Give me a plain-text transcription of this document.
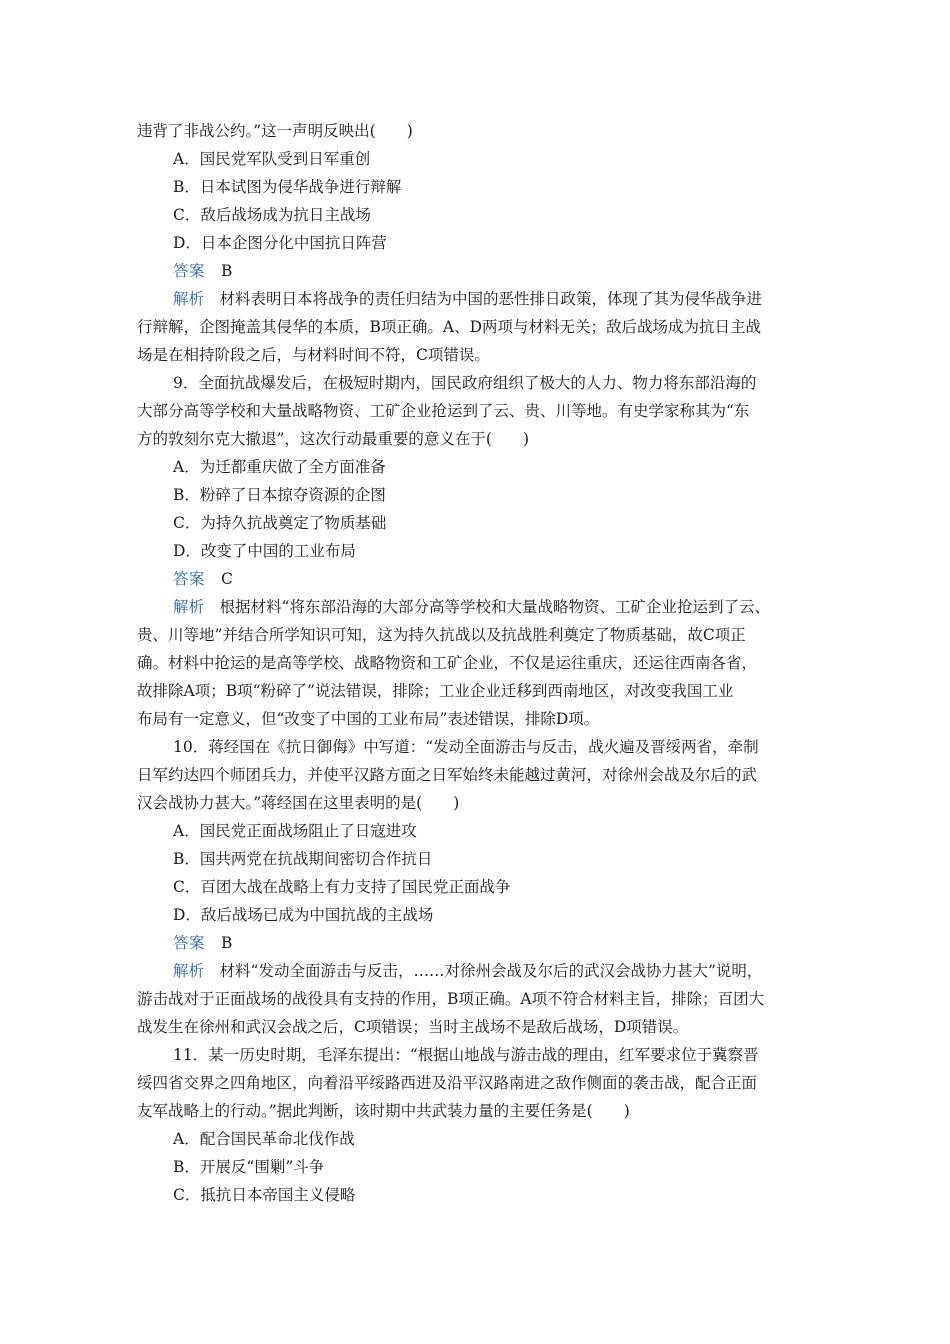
违背了非战公约。”这一声明反映出(　　)
A．国民党军队受到日军重创
B．日本试图为侵华战争进行辩解
C．敌后战场成为抗日主战场
D．日本企图分化中国抗日阵营
答案　 B
解析　 材料表明日本将战争的责任归结为中国的恶性排日政策，体现了其为侵华战争进
行辩解，企图掩盖其侵华的本质，B项正确。A、D两项与材料无关；敌后战场成为抗日主战
场是在相持阶段之后，与材料时间不符，C项错误。
9．全面抗战爆发后，在极短时期内，国民政府组织了极大的人力、物力将东部沿海的
大部分高等学校和大量战略物资、工矿企业抢运到了云、贵、川等地。有史学家称其为“东
方的敦刻尔克大撤退”，这次行动最重要的意义在于(　　)
A．为迁都重庆做了全方面准备
B．粉碎了日本掠夺资源的企图
C．为持久抗战奠定了物质基础
D．改变了中国的工业布局
答案　 C
解析　 根据材料“将东部沿海的大部分高等学校和大量战略物资、工矿企业抢运到了云、
贵、川等地”并结合所学知识可知，这为持久抗战以及抗战胜利奠定了物质基础，故C项正
确。材料中抢运的是高等学校、战略物资和工矿企业，不仅是运往重庆，还运往西南各省，
故排除A项；B项“粉碎了”说法错误，排除；工业企业迁移到西南地区，对改变我国工业
布局有一定意义，但“改变了中国的工业布局”表述错误，排除D项。
10．蒋经国在《抗日御侮》中写道：“发动全面游击与反击，战火遍及晋绥两省，牵制
日军约达四个师团兵力，并使平汉路方面之日军始终未能越过黄河，对徐州会战及尔后的武
汉会战协力甚大。”蒋经国在这里表明的是(　　)
A．国民党正面战场阻止了日寇进攻
B．国共两党在抗战期间密切合作抗日
C．百团大战在战略上有力支持了国民党正面战争
D．敌后战场已成为中国抗战的主战场
答案　 B
解析　 材料“发动全面游击与反击，……对徐州会战及尔后的武汉会战协力甚大”说明，
游击战对于正面战场的战役具有支持的作用，B项正确。A项不符合材料主旨，排除；百团大
战发生在徐州和武汉会战之后，C项错误；当时主战场不是敌后战场，D项错误。
11．某一历史时期，毛泽东提出：“根据山地战与游击战的理由，红军要求位于冀察晋
绥四省交界之四角地区，向着沿平绥路西进及沿平汉路南进之敌作侧面的袭击战，配合正面
友军战略上的行动。”据此判断，该时期中共武装力量的主要任务是(　　)
A．配合国民革命北伐作战
B．开展反“围剿”斗争
C．抵抗日本帝国主义侵略
